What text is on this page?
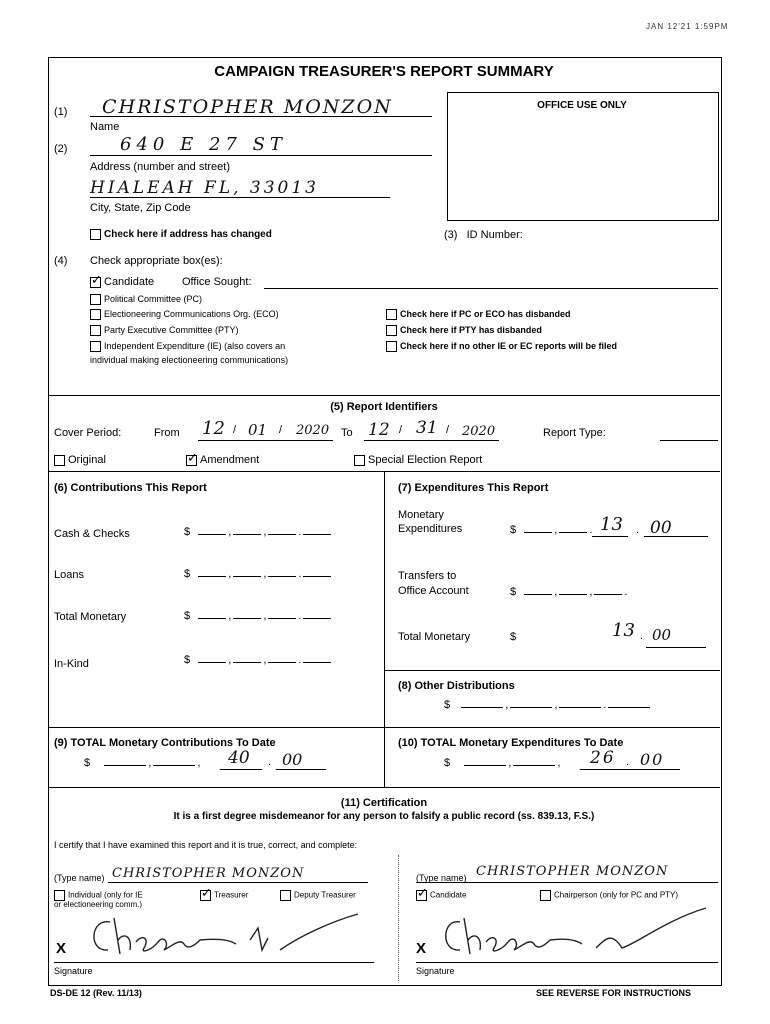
JAN 12'21 1:59PM
CAMPAIGN TREASURER'S REPORT SUMMARY
OFFICE USE ONLY
(1) CHRISTOPHER MONZON
Name
(2)	640 E 27 ST
Address (number and street)
HIALEAH FL, 33013
City, State, Zip Code
Check here if address has changed	(3) ID Number:
(4) Check appropriate box(es):
✓Candidate	Office Sought:
Political Committee (PC)
Electioneering Communications Org. (ECO)
Party Executive Committee (PTY)
Independent Expenditure (IE) (also covers an
individual making electioneering communications)
Check here if PC or ECO has disbanded
Check here if PTY has disbanded
Check here if no other IE or EC reports will be filed
(5) Report Identifiers
Cover Period:	From 12 / 01 / 2020 To 12 / 31 / 2020	Report Type:
Original
✓	Amendment	Special Election Report
(6) Contributions This Report
Cash & Checks	$	,	,	.
Loans	$	,	,	.
Total Monetary	$	,	,	.
In-Kind	$	,	,	.
(7) Expenditures This Report
Monetary
Expenditures	$	,	. 13 . 00
Transfers to
Office Account	$	,	,	.
Total Monetary	$	13 . 00
(8) Other Distributions
$	,	,	.
(9) TOTAL Monetary Contributions To Date
$	,	, 40 . 00
(10) TOTAL Monetary Expenditures To Date
$	,	, 26 . 00
(11) Certification
It is a first degree misdemeanor for any person to falsify a public record (ss. 839.13, F.S.)
I certify that I have examined this report and it is true, correct, and complete:
(Type name) CHRISTOPHER MONZON
Individual (only for IE
or electioneering comm.)
✓Treasurer	Deputy Treasurer
X
Signature
(Type name) CHRISTOPHER MONZON
✓Candidate	Chairperson (only for PC and PTY)
X
Signature
DS-DE 12 (Rev. 11/13)	SEE REVERSE FOR INSTRUCTIONS
